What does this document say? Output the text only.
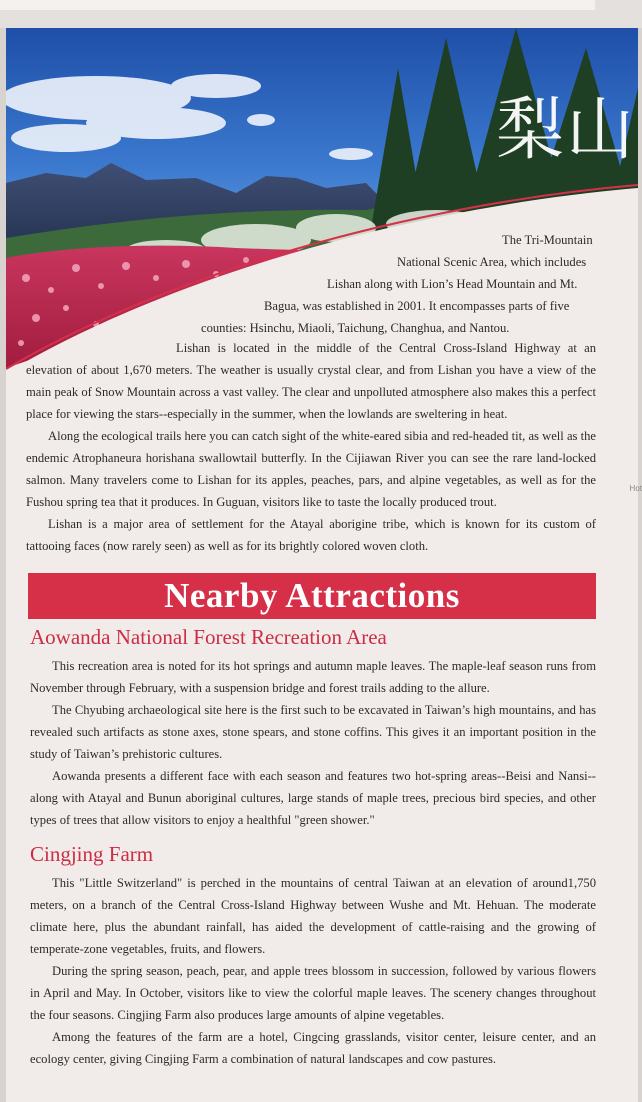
梨山
The Tri-Mountain
National Scenic Area, which includes
Lishan along with Lion’s Head Mountain and Mt.
Bagua, was established in 2001. It encompasses parts of five
counties: Hsinchu, Miaoli, Taichung, Changhua, and Nantou.

Lishan is located in the middle of the Central Cross-Island Highway at an elevation of about 1,670 meters. The weather is usually crystal clear, and from Lishan you have a view of the main peak of Snow Mountain across a vast valley. The clear and unpolluted atmosphere also makes this a perfect place for viewing the stars--especially in the summer, when the lowlands are sweltering in heat.

Along the ecological trails here you can catch sight of the white-eared sibia and red-headed tit, as well as the endemic Atrophaneura horishana swallowtail butterfly. In the Cijiawan River you can see the rare land-locked salmon. Many travelers come to Lishan for its apples, peaches, pars, and alpine vegetables, as well as for the Fushou spring tea that it produces. In Guguan, visitors like to taste the locally produced trout.

Lishan is a major area of settlement for the Atayal aborigine tribe, which is known for its custom of tattooing faces (now rarely seen) as well as for its brightly colored woven cloth.

Nearby Attractions
Aowanda National Forest Recreation Area

This recreation area is noted for its hot springs and autumn maple leaves. The maple-leaf season runs from November through February, with a suspension bridge and forest trails adding to the allure.

The Chyubing archaeological site here is the first such to be excavated in Taiwan’s high mountains, and has revealed such artifacts as stone axes, stone spears, and stone coffins. This gives it an important position in the study of Taiwan’s prehistoric cultures.

Aowanda presents a different face with each season and features two hot-spring areas--Beisi and Nansi--along with Atayal and Bunun aboriginal cultures, large stands of maple trees, precious bird species, and other types of trees that allow visitors to enjoy a healthful "green shower."

Cingjing Farm

This "Little Switzerland" is perched in the mountains of central Taiwan at an elevation of around1,750 meters, on a branch of the Central Cross-Island Highway between Wushe and Mt. Hehuan. The moderate climate here, plus the abundant rainfall, has aided the development of cattle-raising and the growing of temperate-zone vegetables, fruits, and flowers.

During the spring season, peach, pear, and apple trees blossom in succession, followed by various flowers in April and May. In October, visitors like to view the colorful maple leaves. The scenery changes throughout the four seasons. Cingjing Farm also produces large amounts of alpine vegetables.

Among the features of the farm are a hotel, Cingcing grasslands, visitor center, leisure center, and an ecology center, giving Cingjing Farm a combination of natural landscapes and cow pastures.

Hot
